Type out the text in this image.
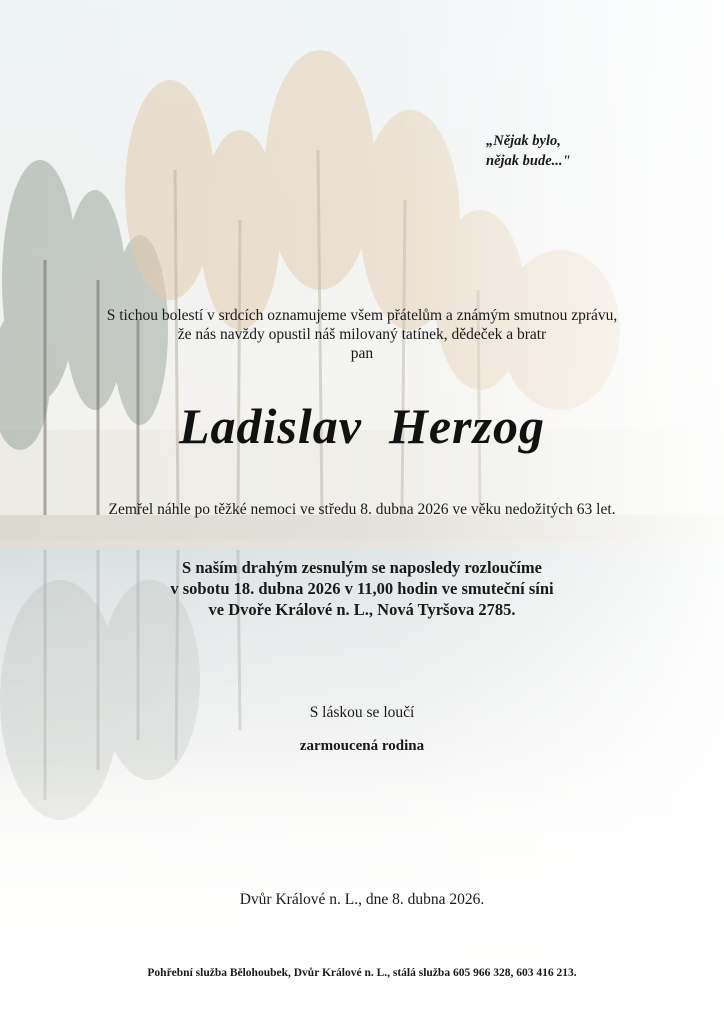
„Nějak bylo,
nějak bude..."
S tichou bolestí v srdcích oznamujeme všem přátelům a známým smutnou zprávu,
že nás navždy opustil náš milovaný tatínek, dědeček a bratr
pan
Ladislav  Herzog
Zemřel náhle po těžké nemoci ve středu 8. dubna 2026 ve věku nedožitých 63 let.
S naším drahým zesnulým se naposledy rozloučíme
v sobotu 18. dubna 2026 v 11,00 hodin ve smuteční síni
ve Dvoře Králové n. L., Nová Tyršova 2785.
S láskou se loučí
zarmoucená rodina
Dvůr Králové n. L., dne 8. dubna 2026.
Pohřební služba Bělohoubek, Dvůr Králové n. L., stálá služba 605 966 328, 603 416 213.
